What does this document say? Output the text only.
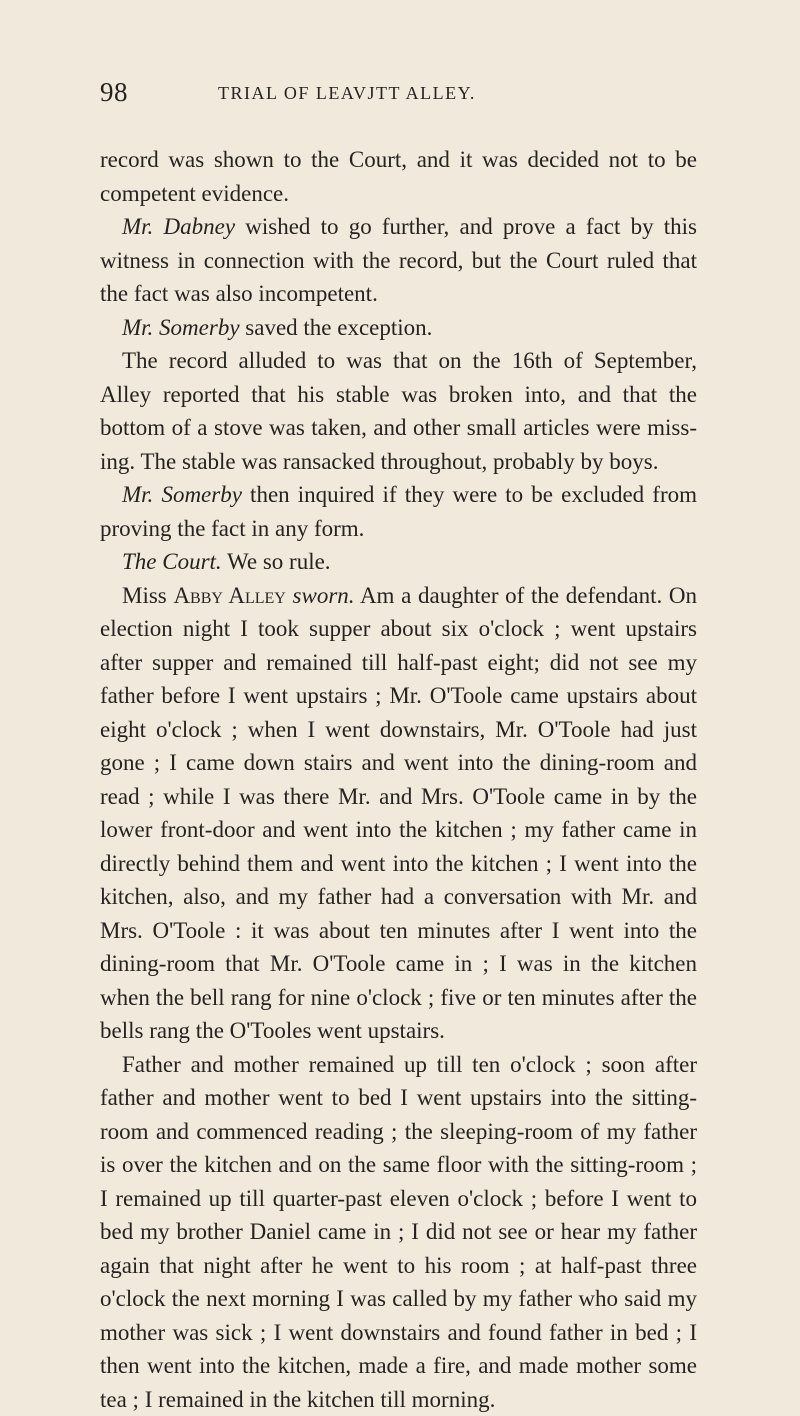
98	TRIAL OF LEAVJTT ALLEY.

record was shown to the Court, and it was decided not to be competent evidence.

Mr. Dabney wished to go further, and prove a fact by this witness in connection with the record, but the Court ruled that the fact was also incompetent.

Mr. Somerby saved the exception.

The record alluded to was that on the 16th of September, Alley reported that his stable was broken into, and that the bottom of a stove was taken, and other small articles were missing. The stable was ransacked throughout, probably by boys.

Mr. Somerby then inquired if they were to be excluded from proving the fact in any form.

The Court. We so rule.

Miss Abby Alley sworn. Am a daughter of the defendant. On election night I took supper about six o'clock ; went upstairs after supper and remained till half-past eight; did not see my father before I went upstairs ; Mr. O'Toole came upstairs about eight o'clock ; when I went downstairs, Mr. O'Toole had just gone ; I came down stairs and went into the dining-room and read ; while I was there Mr. and Mrs. O'Toole came in by the lower front-door and went into the kitchen ; my father came in directly behind them and went into the kitchen ; I went into the kitchen, also, and my father had a conversation with Mr. and Mrs. O'Toole : it was about ten minutes after I went into the dining-room that Mr. O'Toole came in ; I was in the kitchen when the bell rang for nine o'clock ; five or ten minutes after the bells rang the O'Tooles went upstairs.

Father and mother remained up till ten o'clock ; soon after father and mother went to bed I went upstairs into the sitting-room and commenced reading ; the sleeping-room of my father is over the kitchen and on the same floor with the sitting-room ; I remained up till quarter-past eleven o'clock ; before I went to bed my brother Daniel came in ; I did not see or hear my father again that night after he went to his room ; at half-past three o'clock the next morning I was called by my father who said my mother was sick ; I went downstairs and found father in bed ; I then went into the kitchen, made a fire, and made mother some tea ; I remained in the kitchen till morning.
